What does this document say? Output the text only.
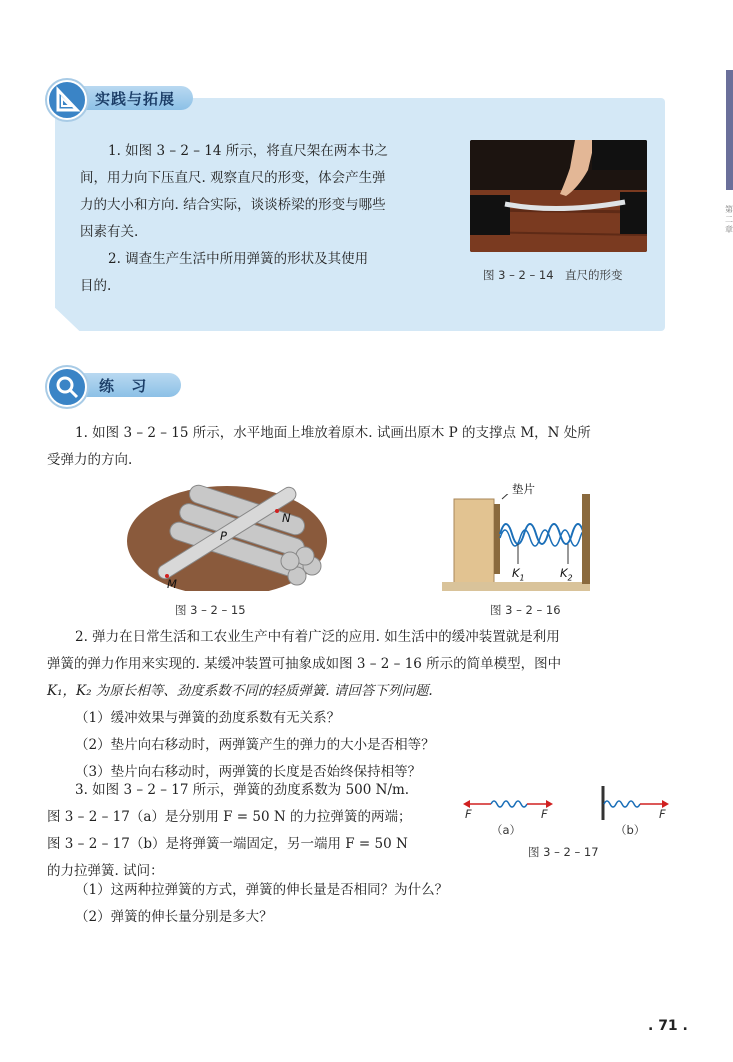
第二章
实践与拓展
1. 如图 3 – 2 – 14 所示，将直尺架在两本书之
间，用力向下压直尺. 观察直尺的形变，体会产生弹
力的大小和方向. 结合实际，谈谈桥梁的形变与哪些
因素有关.
2. 调查生产生活中所用弹簧的形状及其使用
目的.
图 3 – 2 – 14　直尺的形变
练 习
1. 如图 3 – 2 – 15 所示，水平地面上堆放着原木. 试画出原木 P 的支撑点 M，N 处所
受弹力的方向.
P
M
N
图 3 – 2 – 15
垫片
$K_1$	$K_2$
图 3 – 2 – 16
2. 弹力在日常生活和工农业生产中有着广泛的应用. 如生活中的缓冲装置就是利用
弹簧的弹力作用来实现的. 某缓冲装置可抽象成如图 3 – 2 – 16 所示的简单模型，图中
K₁，K₂ 为原长相等、劲度系数不同的轻质弹簧. 请回答下列问题.
（1）缓冲效果与弹簧的劲度系数有无关系？
（2）垫片向右移动时，两弹簧产生的弹力的大小是否相等？
（3）垫片向右移动时，两弹簧的长度是否始终保持相等？
3. 如图 3 – 2 – 17 所示，弹簧的劲度系数为 500 N/m.
图 3 – 2 – 17（a）是分别用 F = 50 N 的力拉弹簧的两端；
图 3 – 2 – 17（b）是将弹簧一端固定，另一端用 F = 50 N
的力拉弹簧. 试问：
F	F	F
（a）	（b）
图 3 – 2 – 17
（1）这两种拉弹簧的方式，弹簧的伸长量是否相同？为什么？
（2）弹簧的伸长量分别是多大？
. 71 .
